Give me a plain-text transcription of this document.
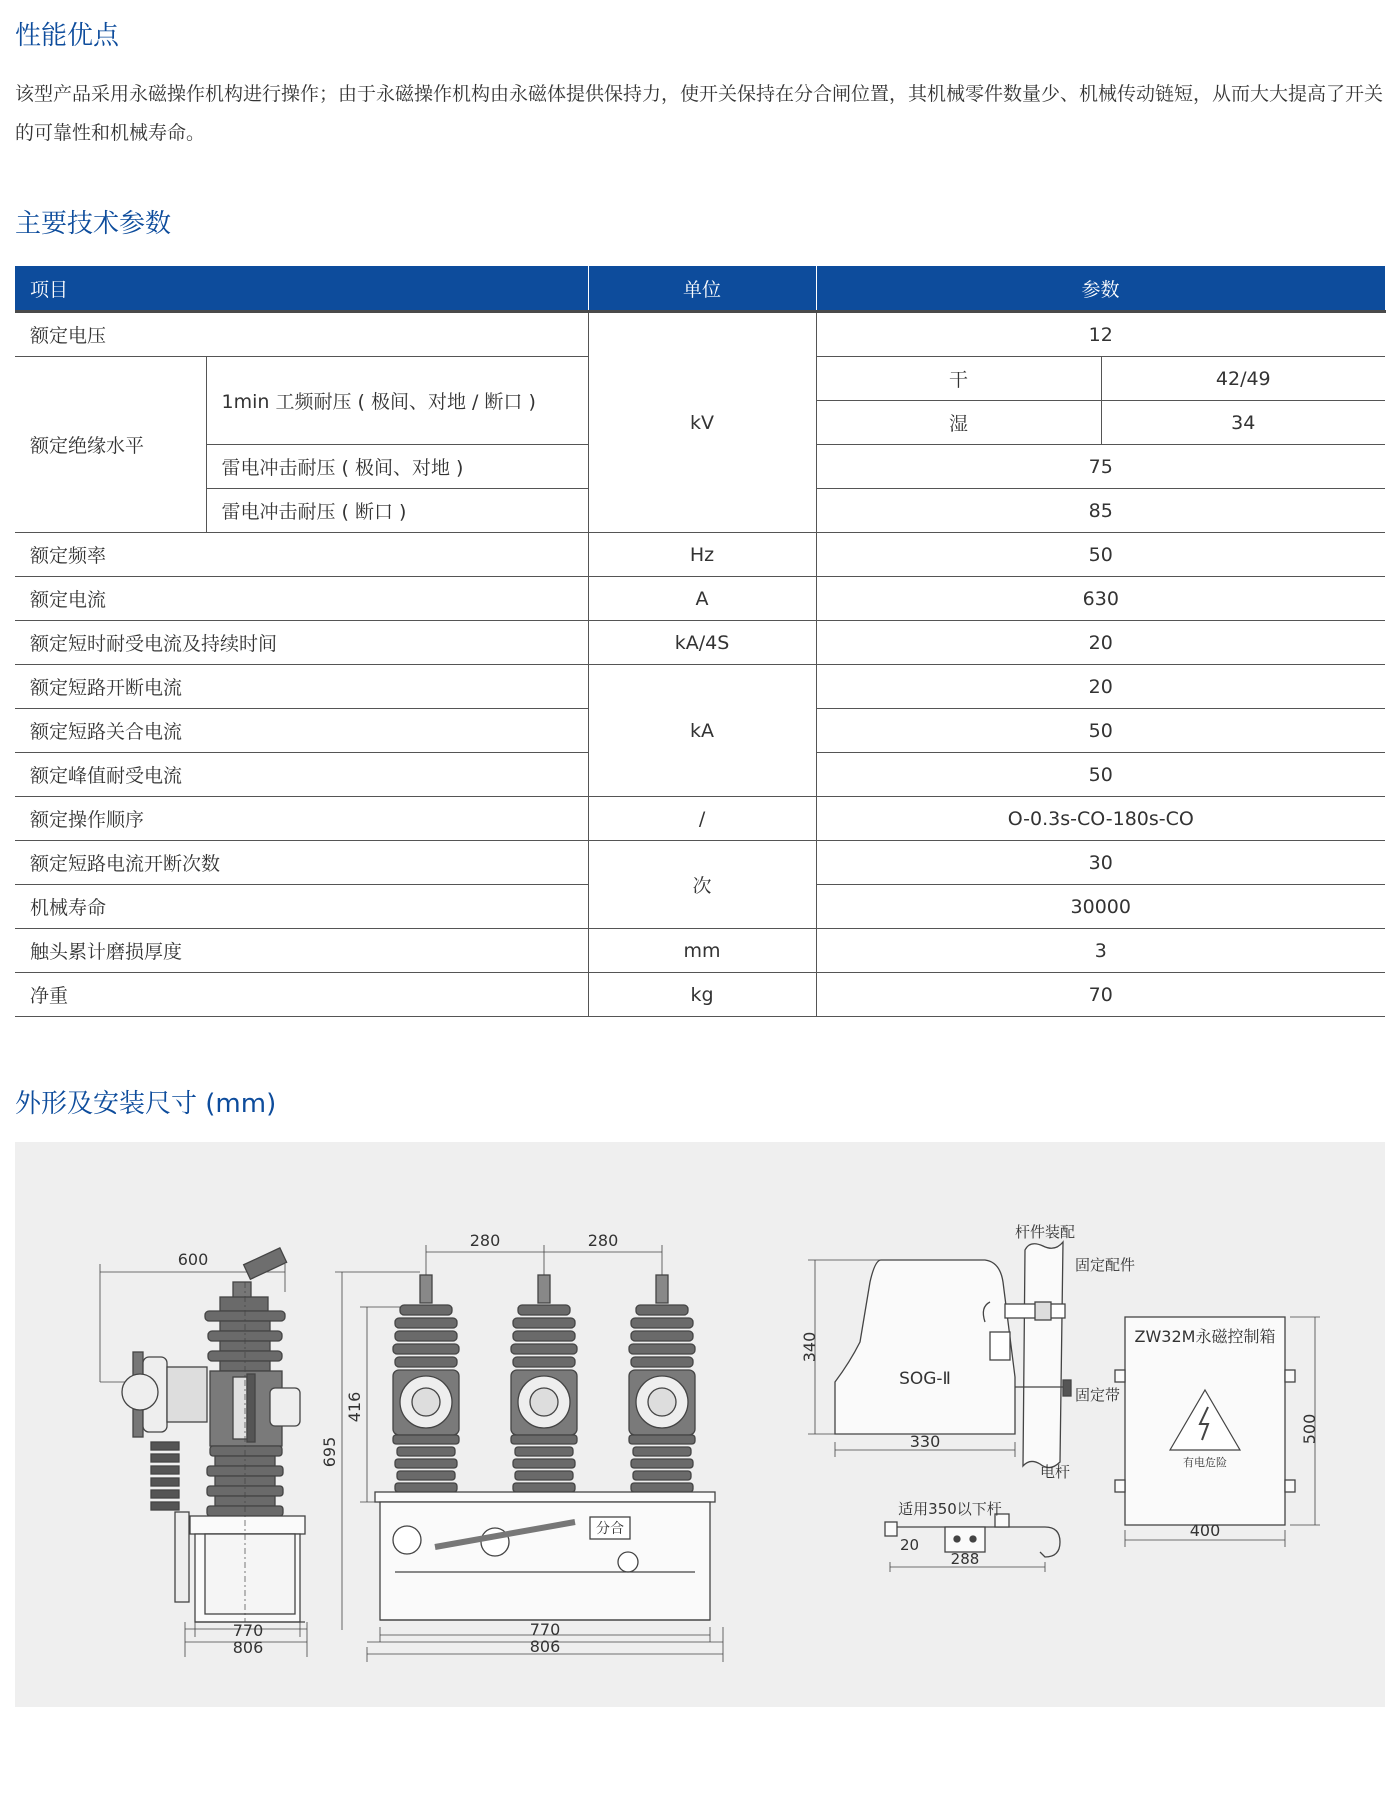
性能优点

该型产品采用永磁操作机构进行操作；由于永磁操作机构由永磁体提供保持力，使开关保持在分合闸位置，其机械零件数量少、机械传动链短，从而大大提高了开关的可靠性和机械寿命。

主要技术参数
项目		单位	参数	
额定电压		kV	12	
额定绝缘水平	1min 工频耐压 ( 极间、对地 / 断口 )		干	42/49
			湿	34
	雷电冲击耐压 ( 极间、对地 )		75	
	雷电冲击耐压 ( 断口 )		85	
额定频率		Hz	50	
额定电流		A	630	
额定短时耐受电流及持续时间		kA/4S	20	
额定短路开断电流		kA	20	
额定短路关合电流			50	
额定峰值耐受电流			50	
额定操作顺序		/	O-0.3s-CO-180s-CO	
额定短路电流开断次数		次	30	
机械寿命			30000	
触头累计磨损厚度		mm	3	
净重		kg	70	
外形及安装尺寸 (mm)
600
770
806
280	280
695
416
分合
770
806
340
SOG-Ⅱ
330
杆件装配
固定配件
固定带
电杆
适用350以下杆
20
288
ZW32M永磁控制箱
有电危险
500
400
